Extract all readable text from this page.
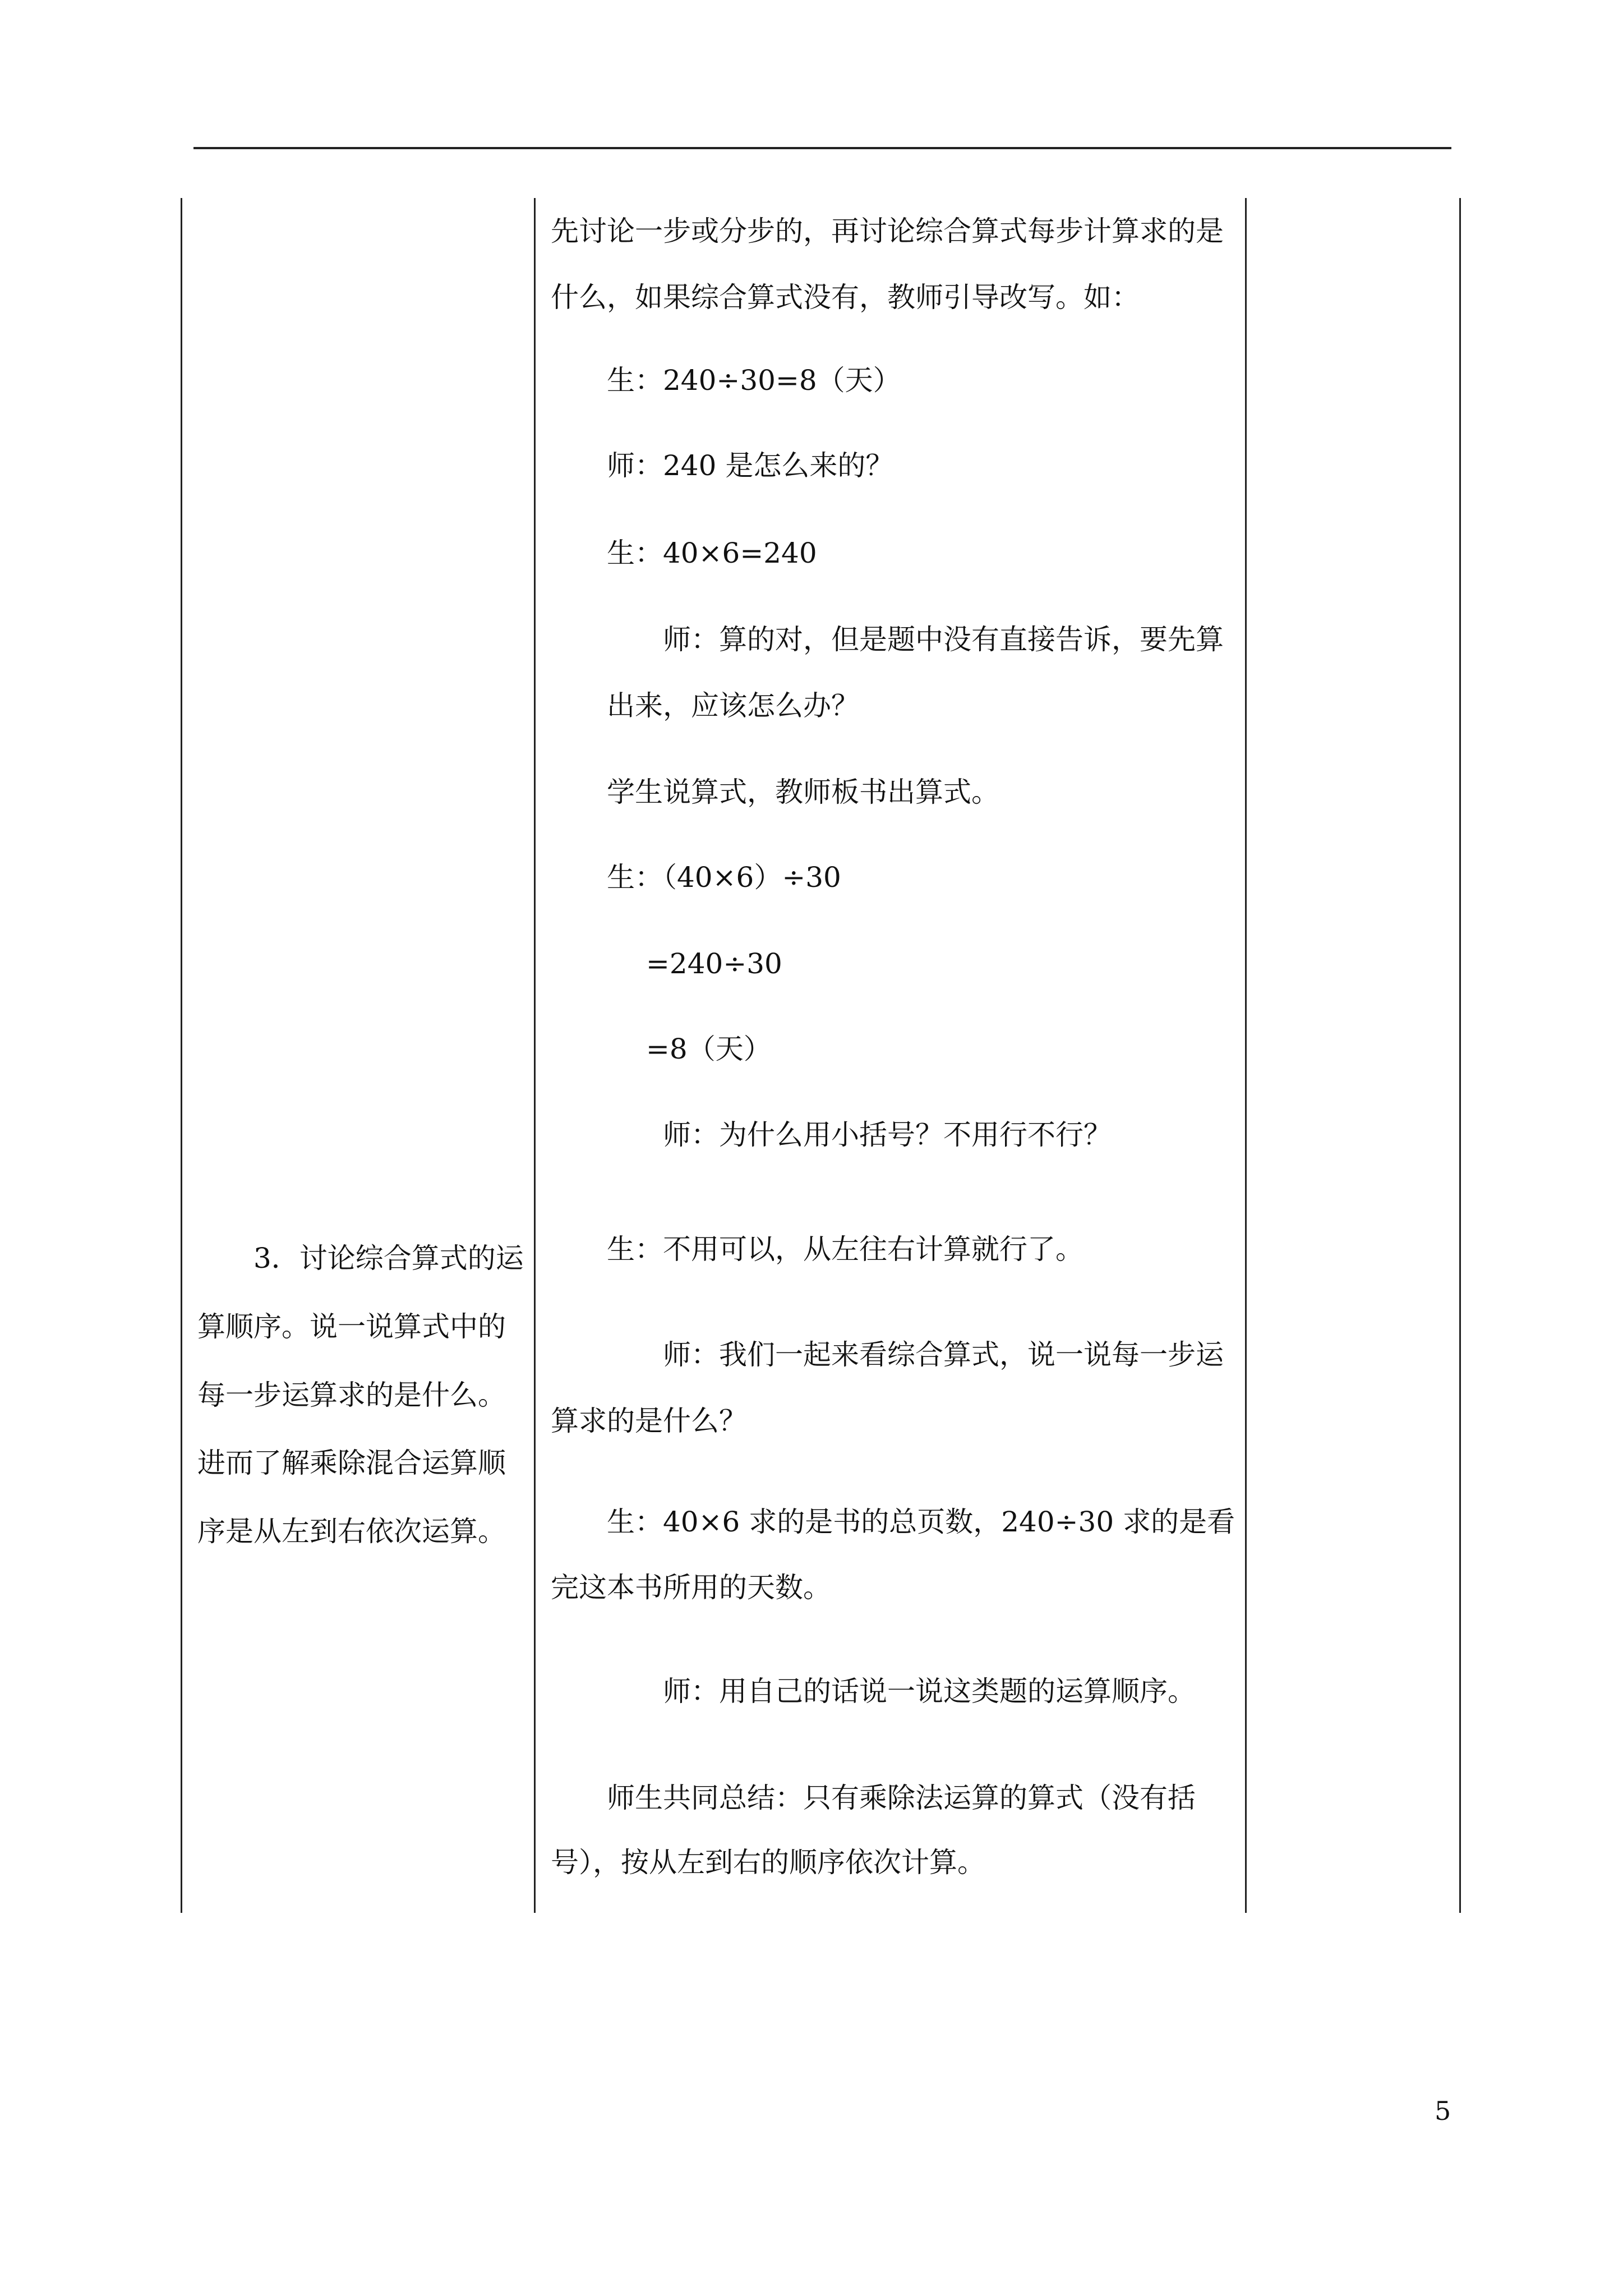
3．讨论综合算式的运
算顺序。说一说算式中的
每一步运算求的是什么。
进而了解乘除混合运算顺
序是从左到右依次运算。
先讨论一步或分步的，再讨论综合算式每步计算求的是
什么，如果综合算式没有，教师引导改写。如：
生：240÷30=8（天）
师：240 是怎么来的？
生：40×6=240
师：算的对，但是题中没有直接告诉，要先算
出来，应该怎么办？
学生说算式，教师板书出算式。
生：（40×6）÷30
=240÷30
=8（天）
师：为什么用小括号？不用行不行？
生：不用可以，从左往右计算就行了。
师：我们一起来看综合算式，说一说每一步运
算求的是什么？
生：40×6 求的是书的总页数，240÷30 求的是看
完这本书所用的天数。
师：用自己的话说一说这类题的运算顺序。
师生共同总结：只有乘除法运算的算式（没有括
号），按从左到右的顺序依次计算。
5
